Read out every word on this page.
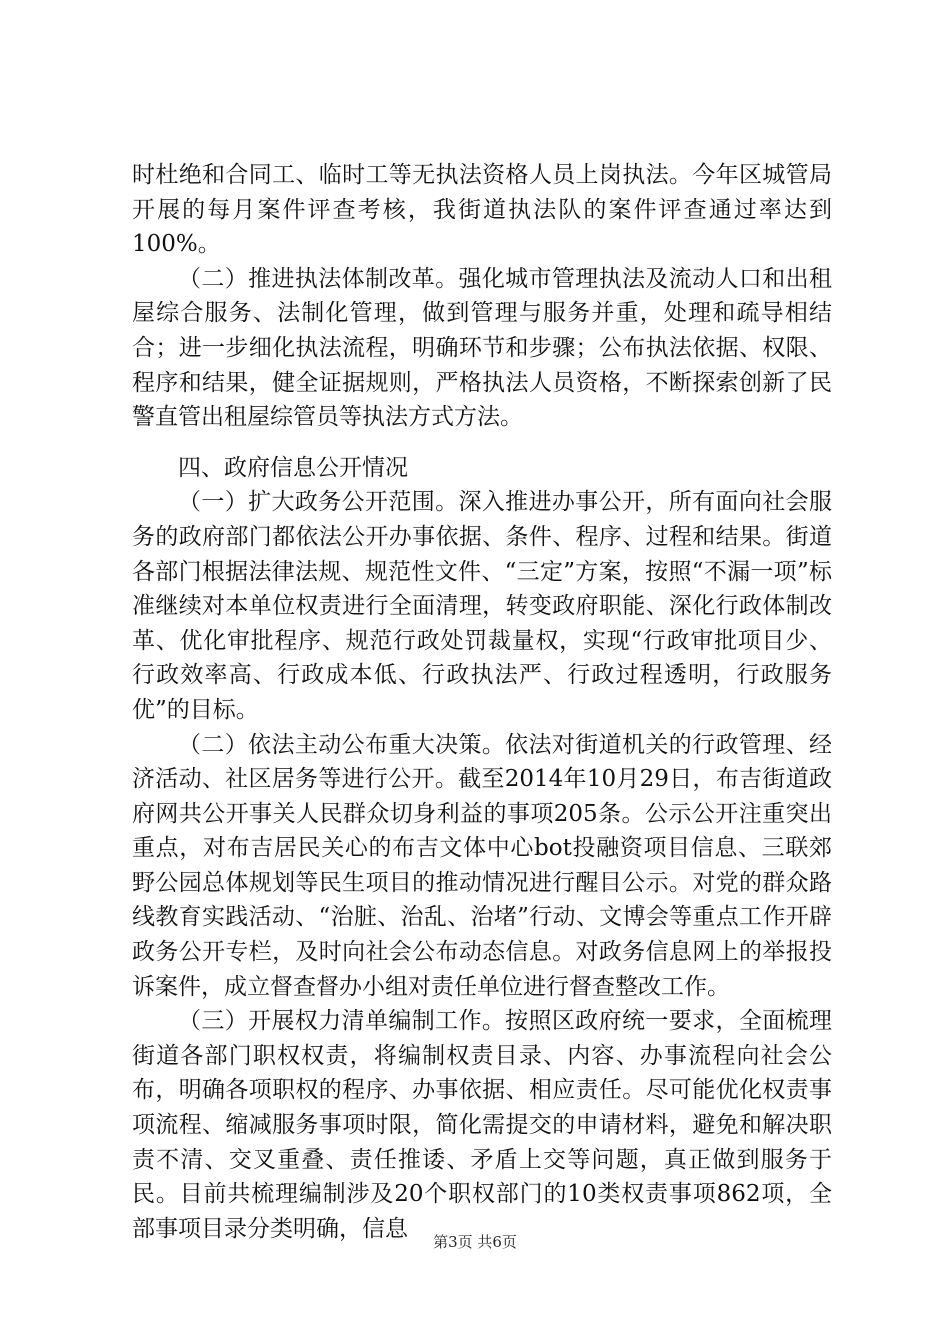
时杜绝和合同工、临时工等无执法资格人员上岗执法。今年区城管局开展的每月案件评查考核，我街道执法队的案件评查通过率达到100%。

（二）推进执法体制改革。强化城市管理执法及流动人口和出租屋综合服务、法制化管理，做到管理与服务并重，处理和疏导相结合；进一步细化执法流程，明确环节和步骤；公布执法依据、权限、程序和结果，健全证据规则，严格执法人员资格，不断探索创新了民警直管出租屋综管员等执法方式方法。

四、政府信息公开情况

（一）扩大政务公开范围。深入推进办事公开，所有面向社会服务的政府部门都依法公开办事依据、条件、程序、过程和结果。街道各部门根据法律法规、规范性文件、“三定”方案，按照“不漏一项”标准继续对本单位权责进行全面清理，转变政府职能、深化行政体制改革、优化审批程序、规范行政处罚裁量权，实现“行政审批项目少、行政效率高、行政成本低、行政执法严、行政过程透明，行政服务优”的目标。

（二）依法主动公布重大决策。依法对街道机关的行政管理、经济活动、社区居务等进行公开。截至2014年10月29日，布吉街道政府网共公开事关人民群众切身利益的事项205条。公示公开注重突出重点，对布吉居民关心的布吉文体中心bot投融资项目信息、三联郊野公园总体规划等民生项目的推动情况进行醒目公示。对党的群众路线教育实践活动、“治脏、治乱、治堵”行动、文博会等重点工作开辟政务公开专栏，及时向社会公布动态信息。对政务信息网上的举报投诉案件，成立督查督办小组对责任单位进行督查整改工作。

（三）开展权力清单编制工作。按照区政府统一要求，全面梳理街道各部门职权权责，将编制权责目录、内容、办事流程向社会公布，明确各项职权的程序、办事依据、相应责任。尽可能优化权责事项流程、缩减服务事项时限，简化需提交的申请材料，避免和解决职责不清、交叉重叠、责任推诿、矛盾上交等问题，真正做到服务于民。目前共梳理编制涉及20个职权部门的10类权责事项862项，全部事项目录分类明确，信息

第3页 共6页
